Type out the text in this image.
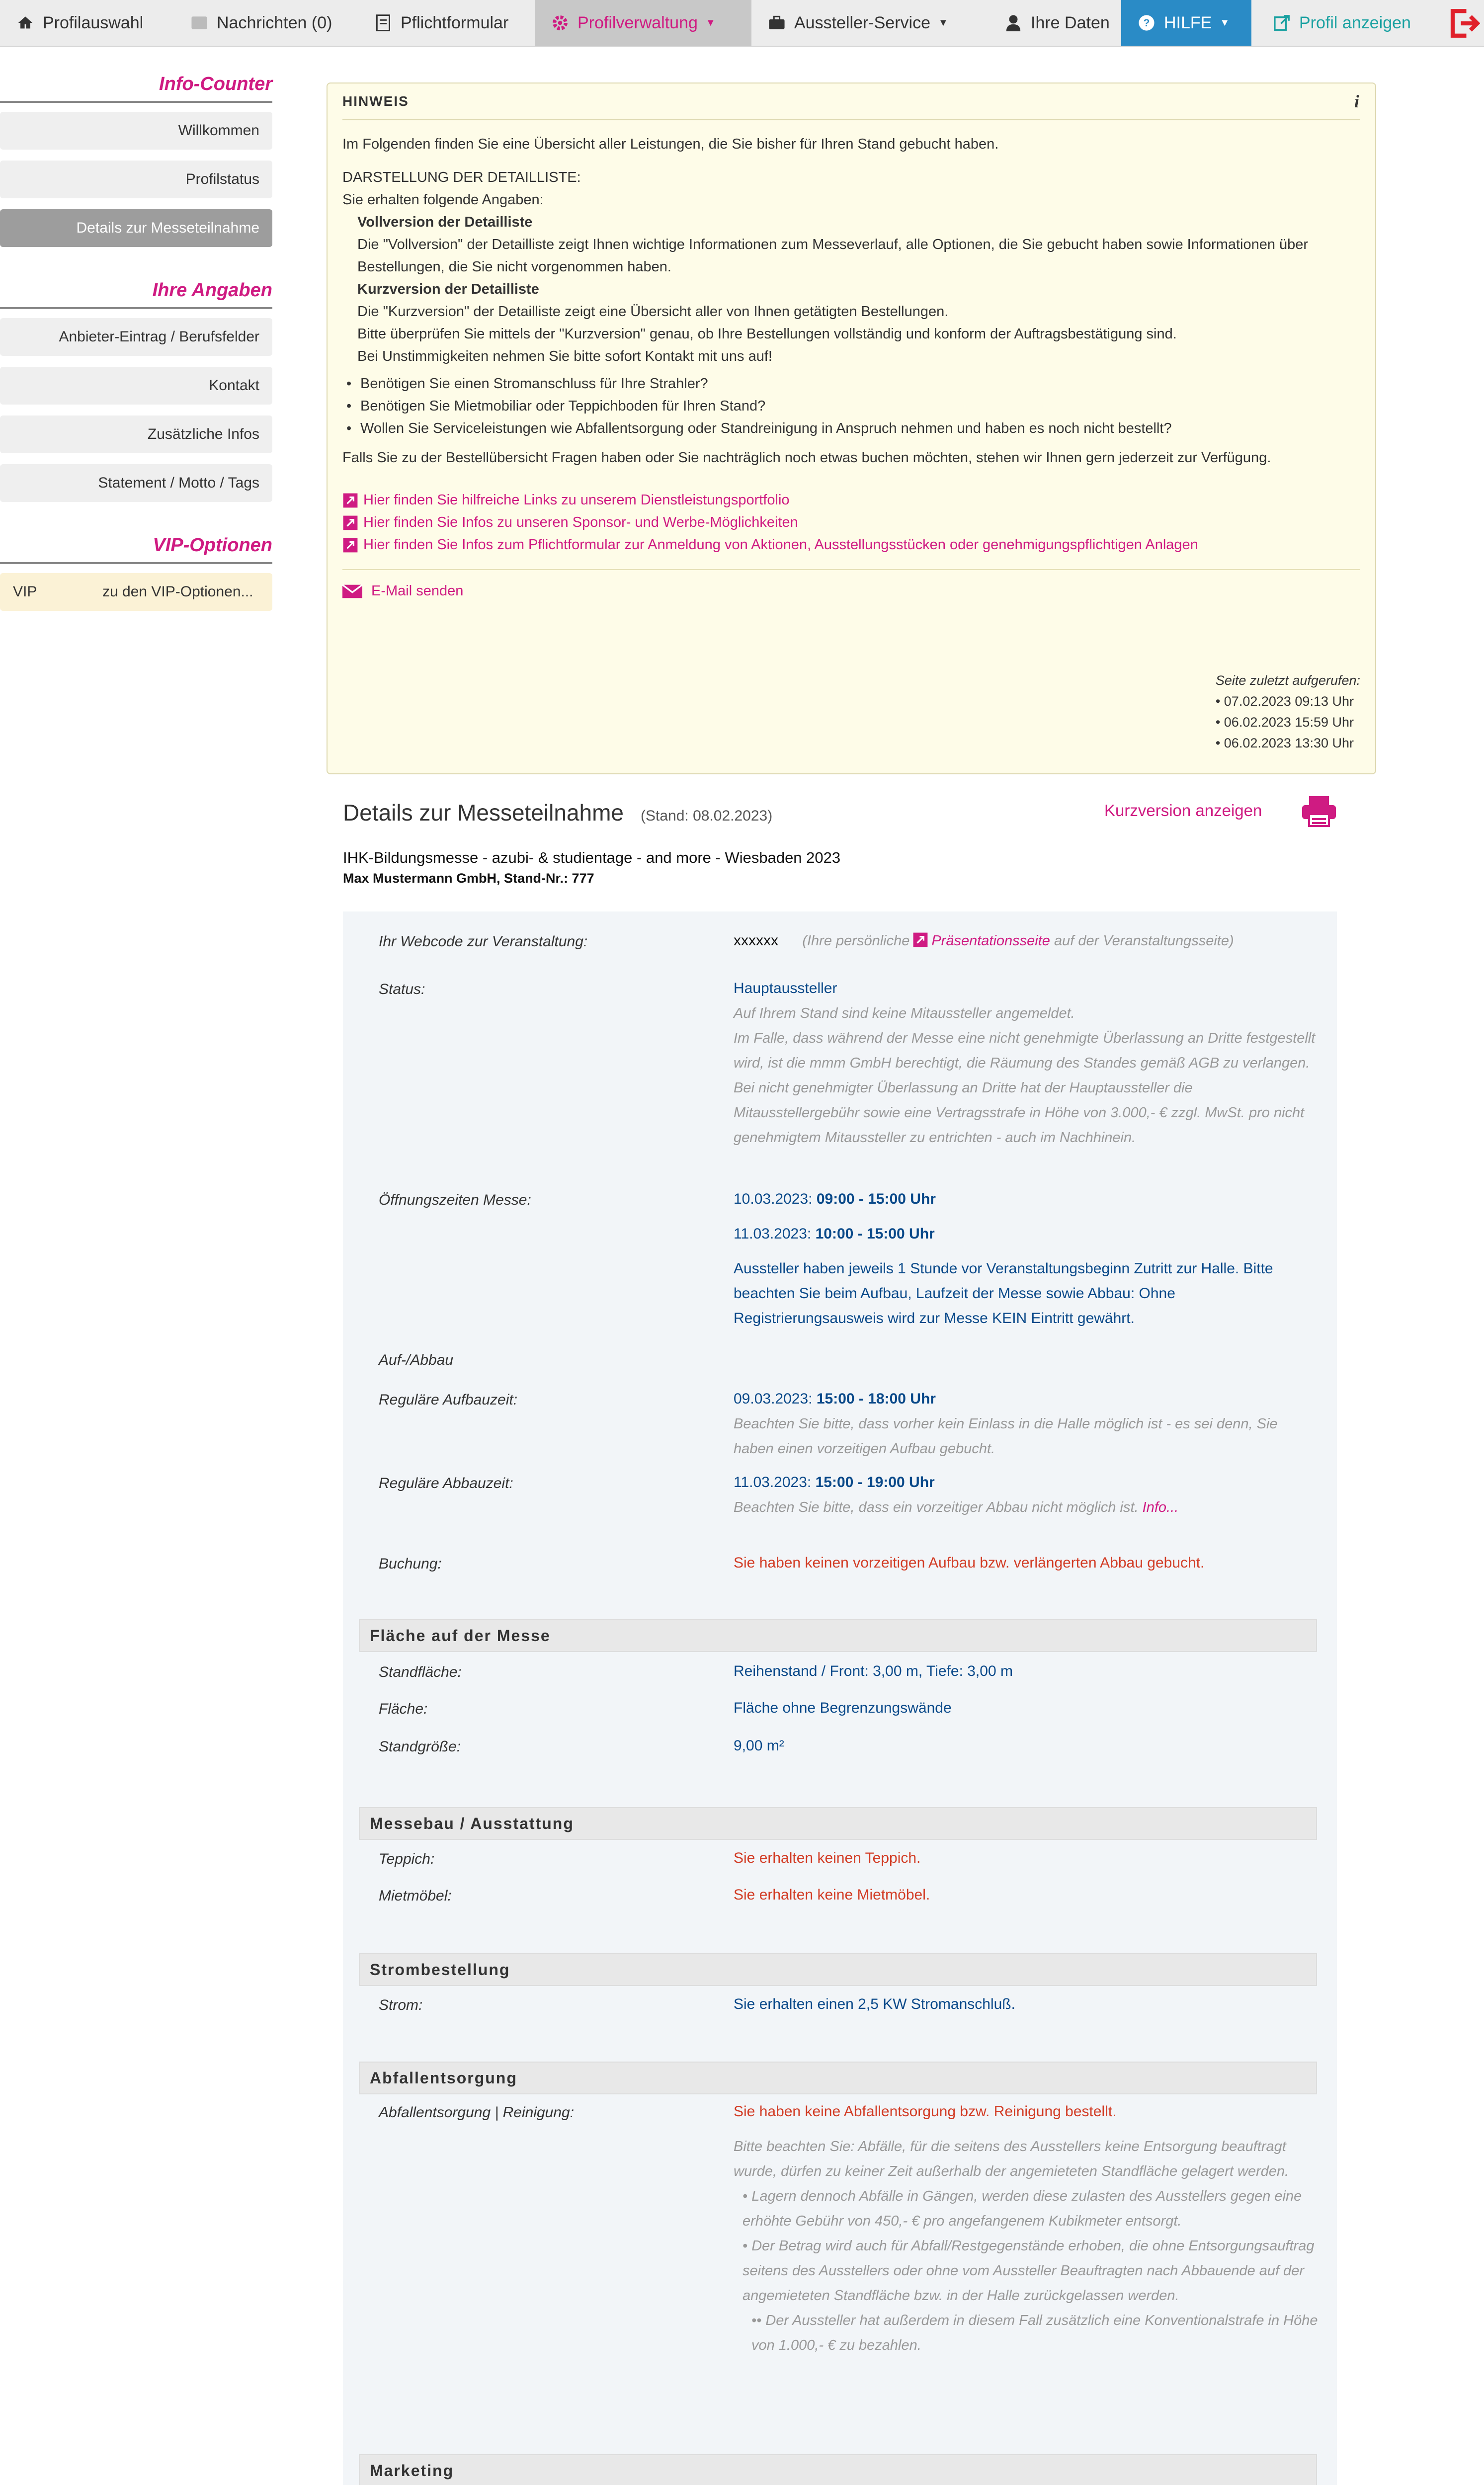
Profilauswahl	Nachrichten (0)	Pflichtformular	Profilverwaltung ▼	Aussteller-Service ▼	Ihre Daten	? HILFE ▼	Profil anzeigen
Info-Counter
Willkommen
Profilstatus
Details zur Messeteilnahme
Ihre Angaben
Anbieter-Eintrag / Berufsfelder
Kontakt
Zusätzliche Infos
Statement / Motto / Tags
VIP-Optionen
VIP	zu den VIP-Optionen...
HINWEIS	i

Im Folgenden finden Sie eine Übersicht aller Leistungen, die Sie bisher für Ihren Stand gebucht haben.

DARSTELLUNG DER DETAILLISTE:

Sie erhalten folgende Angaben:

Vollversion der Detailliste

Die "Vollversion" der Detailliste zeigt Ihnen wichtige Informationen zum Messeverlauf, alle Optionen, die Sie gebucht haben sowie Informationen über Bestellungen, die Sie nicht vorgenommen haben.

Kurzversion der Detailliste

Die "Kurzversion" der Detailliste zeigt eine Übersicht aller von Ihnen getätigten Bestellungen.

Bitte überprüfen Sie mittels der "Kurzversion" genau, ob Ihre Bestellungen vollständig und konform der Auftragsbestätigung sind.

Bei Unstimmigkeiten nehmen Sie bitte sofort Kontakt mit uns auf!

• Benötigen Sie einen Stromanschluss für Ihre Strahler?
• Benötigen Sie Mietmobiliar oder Teppichboden für Ihren Stand?
• Wollen Sie Serviceleistungen wie Abfallentsorgung oder Standreinigung in Anspruch nehmen und haben es noch nicht bestellt?

Falls Sie zu der Bestellübersicht Fragen haben oder Sie nachträglich noch etwas buchen möchten, stehen wir Ihnen gern jederzeit zur Verfügung.

Hier finden Sie hilfreiche Links zu unserem Dienstleistungsportfolio
Hier finden Sie Infos zu unseren Sponsor- und Werbe-Möglichkeiten
Hier finden Sie Infos zum Pflichtformular zur Anmeldung von Aktionen, Ausstellungsstücken oder genehmigungspflichtigen Anlagen
E-Mail senden
Seite zuletzt aufgerufen:
• 07.02.2023 09:13 Uhr
• 06.02.2023 15:59 Uhr
• 06.02.2023 13:30 Uhr
Details zur Messeteilnahme (Stand: 08.02.2023)	Kurzversion anzeigen
IHK-Bildungsmesse - azubi- & studientage - and more - Wiesbaden 2023
Max Mustermann GmbH, Stand-Nr.: 777
Ihr Webcode zur Veranstaltung:	xxxxxx (Ihre persönliche Präsentationsseite auf der Veranstaltungsseite)
Status:	Hauptaussteller
Auf Ihrem Stand sind keine Mitaussteller angemeldet.
Im Falle, dass während der Messe eine nicht genehmigte Überlassung an Dritte festgestellt wird, ist die mmm GmbH berechtigt, die Räumung des Standes gemäß AGB zu verlangen. Bei nicht genehmigter Überlassung an Dritte hat der Hauptaussteller die Mitausstellergebühr sowie eine Vertragsstrafe in Höhe von 3.000,- € zzgl. MwSt. pro nicht genehmigtem Mitaussteller zu entrichten - auch im Nachhinein.
Öffnungszeiten Messe:	10.03.2023: 09:00 - 15:00 Uhr
11.03.2023: 10:00 - 15:00 Uhr
Aussteller haben jeweils 1 Stunde vor Veranstaltungsbeginn Zutritt zur Halle. Bitte beachten Sie beim Aufbau, Laufzeit der Messe sowie Abbau: Ohne Registrierungsausweis wird zur Messe KEIN Eintritt gewährt.
Auf-/Abbau
Reguläre Aufbauzeit:	09.03.2023: 15:00 - 18:00 Uhr
Beachten Sie bitte, dass vorher kein Einlass in die Halle möglich ist - es sei denn, Sie haben einen vorzeitigen Aufbau gebucht.
Reguläre Abbauzeit:	11.03.2023: 15:00 - 19:00 Uhr
Beachten Sie bitte, dass ein vorzeitiger Abbau nicht möglich ist. Info...
Buchung:	Sie haben keinen vorzeitigen Aufbau bzw. verlängerten Abbau gebucht.
Fläche auf der Messe
Standfläche:	Reihenstand / Front: 3,00 m, Tiefe: 3,00 m
Fläche:	Fläche ohne Begrenzungswände
Standgröße:	9,00 m²
Messebau / Ausstattung
Teppich:	Sie erhalten keinen Teppich.
Mietmöbel:	Sie erhalten keine Mietmöbel.
Strombestellung
Strom:	Sie erhalten einen 2,5 KW Stromanschluß.
Abfallentsorgung
Abfallentsorgung | Reinigung:	Sie haben keine Abfallentsorgung bzw. Reinigung bestellt.
Bitte beachten Sie: Abfälle, für die seitens des Ausstellers keine Entsorgung beauftragt wurde, dürfen zu keiner Zeit außerhalb der angemieteten Standfläche gelagert werden.
• Lagern dennoch Abfälle in Gängen, werden diese zulasten des Ausstellers gegen eine erhöhte Gebühr von 450,- € pro angefangenem Kubikmeter entsorgt.
• Der Betrag wird auch für Abfall/Restgegenstände erhoben, die ohne Entsorgungsauftrag seitens des Ausstellers oder ohne vom Aussteller Beauftragten nach Abbauende auf der angemieteten Standfläche bzw. in der Halle zurückgelassen werden.
•• Der Aussteller hat außerdem in diesem Fall zusätzlich eine Konventionalstrafe in Höhe von 1.000,- € zu bezahlen.
Marketing
